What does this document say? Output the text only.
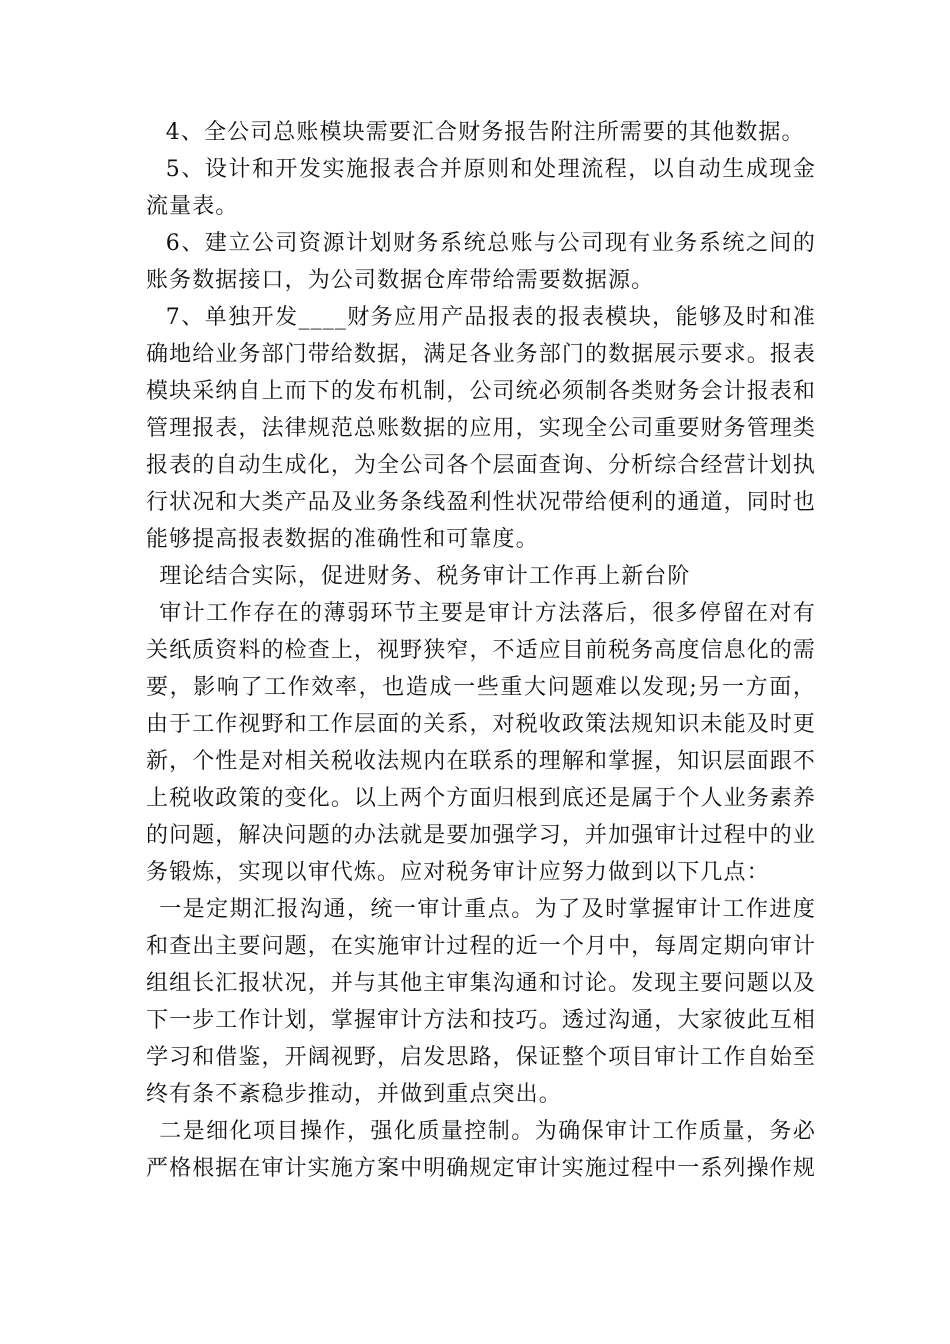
4、全公司总账模块需要汇合财务报告附注所需要的其他数据。

5、设计和开发实施报表合并原则和处理流程，以自动生成现金流量表。

6、建立公司资源计划财务系统总账与公司现有业务系统之间的账务数据接口，为公司数据仓库带给需要数据源。

7、单独开发____财务应用产品报表的报表模块，能够及时和准确地给业务部门带给数据，满足各业务部门的数据展示要求。报表模块采纳自上而下的发布机制，公司统必须制各类财务会计报表和管理报表，法律规范总账数据的应用，实现全公司重要财务管理类报表的自动生成化，为全公司各个层面查询、分析综合经营计划执行状况和大类产品及业务条线盈利性状况带给便利的通道，同时也能够提高报表数据的准确性和可靠度。

理论结合实际，促进财务、税务审计工作再上新台阶

审计工作存在的薄弱环节主要是审计方法落后，很多停留在对有关纸质资料的检查上，视野狭窄，不适应目前税务高度信息化的需要，影响了工作效率，也造成一些重大问题难以发现;另一方面，由于工作视野和工作层面的关系，对税收政策法规知识未能及时更新，个性是对相关税收法规内在联系的理解和掌握，知识层面跟不上税收政策的变化。以上两个方面归根到底还是属于个人业务素养的问题，解决问题的办法就是要加强学习，并加强审计过程中的业务锻炼，实现以审代炼。应对税务审计应努力做到以下几点：

一是定期汇报沟通，统一审计重点。为了及时掌握审计工作进度和查出主要问题，在实施审计过程的近一个月中，每周定期向审计组组长汇报状况，并与其他主审集沟通和讨论。发现主要问题以及下一步工作计划，掌握审计方法和技巧。透过沟通，大家彼此互相学习和借鉴，开阔视野，启发思路，保证整个项目审计工作自始至终有条不紊稳步推动，并做到重点突出。

二是细化项目操作，强化质量控制。为确保审计工作质量，务必严格根据在审计实施方案中明确规定审计实施过程中一系列操作规
